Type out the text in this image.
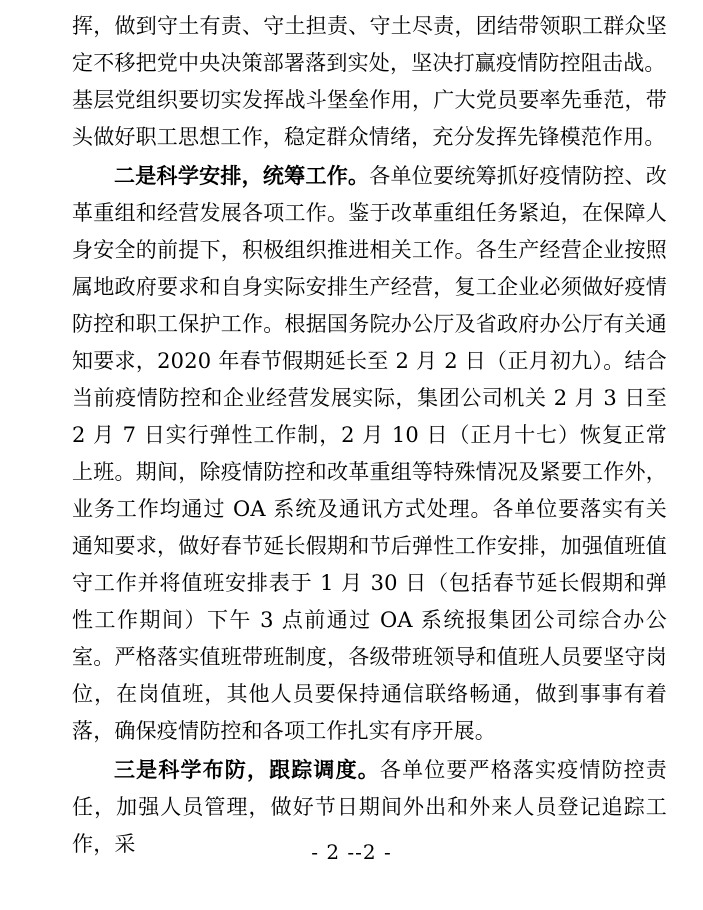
挥，做到守土有责、守土担责、守土尽责，团结带领职工群众坚定不移把党中央决策部署落到实处，坚决打赢疫情防控阻击战。

基层党组织要切实发挥战斗堡垒作用，广大党员要率先垂范，带头做好职工思想工作，稳定群众情绪，充分发挥先锋模范作用。

二是科学安排，统筹工作。各单位要统筹抓好疫情防控、改革重组和经营发展各项工作。鉴于改革重组任务紧迫，在保障人身安全的前提下，积极组织推进相关工作。各生产经营企业按照属地政府要求和自身实际安排生产经营，复工企业必须做好疫情防控和职工保护工作。根据国务院办公厅及省政府办公厅有关通知要求，2020 年春节假期延长至 2 月 2 日（正月初九）。结合当前疫情防控和企业经营发展实际，集团公司机关 2 月 3 日至 2 月 7 日实行弹性工作制，2 月 10 日（正月十七）恢复正常上班。期间，除疫情防控和改革重组等特殊情况及紧要工作外，业务工作均通过 OA 系统及通讯方式处理。各单位要落实有关通知要求，做好春节延长假期和节后弹性工作安排，加强值班值守工作并将值班安排表于 1 月 30 日（包括春节延长假期和弹性工作期间）下午 3 点前通过 OA 系统报集团公司综合办公室。严格落实值班带班制度，各级带班领导和值班人员要坚守岗位，在岗值班，其他人员要保持通信联络畅通，做到事事有着落，确保疫情防控和各项工作扎实有序开展。

三是科学布防，跟踪调度。各单位要严格落实疫情防控责任，加强人员管理，做好节日期间外出和外来人员登记追踪工作，采	- 2 --2 -
